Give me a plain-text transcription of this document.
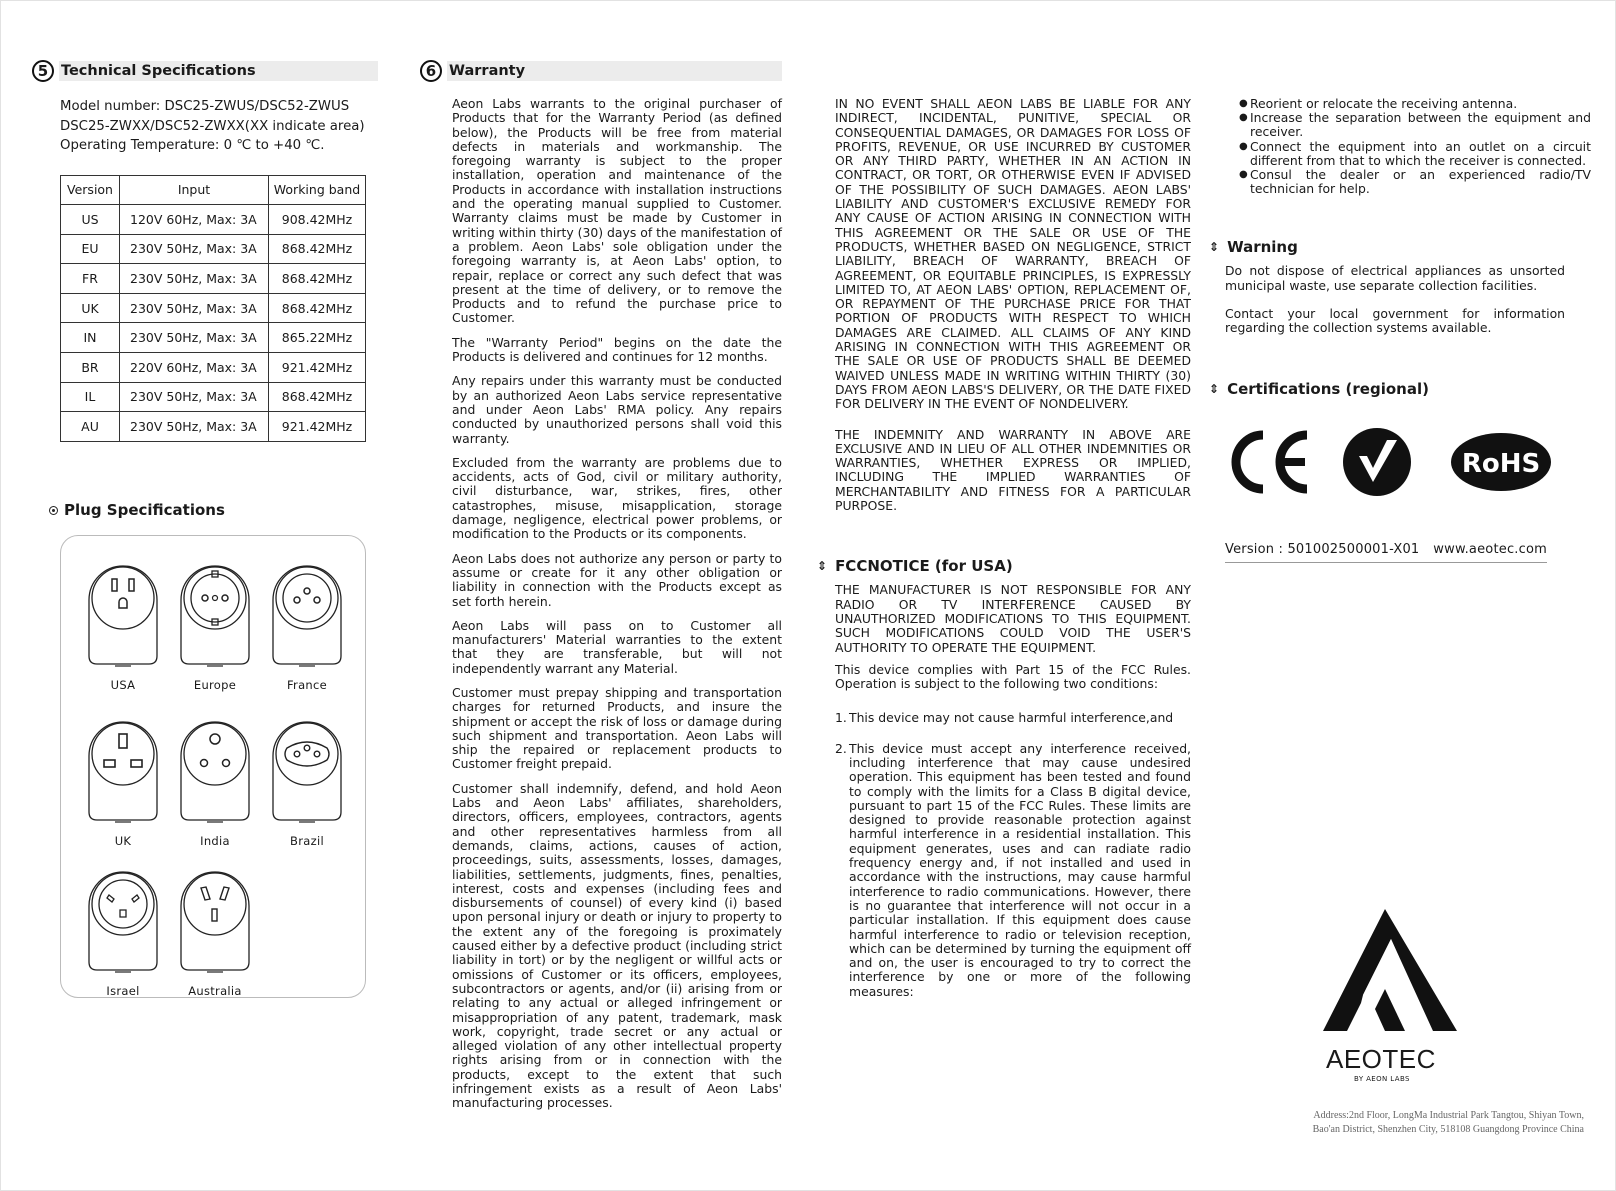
5 Technical Specifications
Model number: DSC25-ZWUS/DSC52-ZWUS
DSC25-ZWXX/DSC52-ZWXX(XX indicate area)
Operating Temperature: 0 ℃ to +40 ℃.
Version	Input	Working band
US	120V 60Hz, Max: 3A	908.42MHz
EU	230V 50Hz, Max: 3A	868.42MHz
FR	230V 50Hz, Max: 3A	868.42MHz
UK	230V 50Hz, Max: 3A	868.42MHz
IN	230V 50Hz, Max: 3A	865.22MHz
BR	220V 60Hz, Max: 3A	921.42MHz
IL	230V 50Hz, Max: 3A	868.42MHz
AU	230V 50Hz, Max: 3A	921.42MHz
Plug Specifications
USA	Europe	France
UK	India	Brazil
Israel	Australia
6 Warranty

Aeon Labs warrants to the original purchaser of Products that for the Warranty Period (as defined below), the Products will be free from material defects in materials and workmanship. The foregoing warranty is subject to the proper installation, operation and maintenance of the Products in accordance with installation instructions and the operating manual supplied to Customer. Warranty claims must be made by Customer in writing within thirty (30) days of the manifestation of a problem. Aeon Labs' sole obligation under the foregoing warranty is, at Aeon Labs' option, to repair, replace or correct any such defect that was present at the time of delivery, or to remove the Products and to refund the purchase price to Customer.

The "Warranty Period" begins on the date the Products is delivered and continues for 12 months.

Any repairs under this warranty must be conducted by an authorized Aeon Labs service representative and under Aeon Labs' RMA policy. Any repairs conducted by unauthorized persons shall void this warranty.

Excluded from the warranty are problems due to accidents, acts of God, civil or military authority, civil disturbance, war, strikes, fires, other catastrophes, misuse, misapplication, storage damage, negligence, electrical power problems, or modification to the Products or its components.

Aeon Labs does not authorize any person or party to assume or create for it any other obligation or liability in connection with the Products except as set forth herein.

Aeon Labs will pass on to Customer all manufacturers' Material warranties to the extent that they are transferable, but will not independently warrant any Material.

Customer must prepay shipping and transportation charges for returned Products, and insure the shipment or accept the risk of loss or damage during such shipment and transportation. Aeon Labs will ship the repaired or replacement products to Customer freight prepaid.

Customer shall indemnify, defend, and hold Aeon Labs and Aeon Labs' affiliates, shareholders, directors, officers, employees, contractors, agents and other representatives harmless from all demands, claims, actions, causes of action, proceedings, suits, assessments, losses, damages, liabilities, settlements, judgments, fines, penalties, interest, costs and expenses (including fees and disbursements of counsel) of every kind (i) based upon personal injury or death or injury to property to the extent any of the foregoing is proximately caused either by a defective product (including strict liability in tort) or by the negligent or willful acts or omissions of Customer or its officers, employees, subcontractors or agents, and/or (ii) arising from or relating to any actual or alleged infringement or misappropriation of any patent, trademark, mask work, copyright, trade secret or any actual or alleged violation of any other intellectual property rights arising from or in connection with the products, except to the extent that such infringement exists as a result of Aeon Labs' manufacturing processes.

IN NO EVENT SHALL AEON LABS BE LIABLE FOR ANY INDIRECT, INCIDENTAL, PUNITIVE, SPECIAL OR CONSEQUENTIAL DAMAGES, OR DAMAGES FOR LOSS OF PROFITS, REVENUE, OR USE INCURRED BY CUSTOMER OR ANY THIRD PARTY, WHETHER IN AN ACTION IN CONTRACT, OR TORT, OR OTHERWISE EVEN IF ADVISED OF THE POSSIBILITY OF SUCH DAMAGES. AEON LABS' LIABILITY AND CUSTOMER'S EXCLUSIVE REMEDY FOR ANY CAUSE OF ACTION ARISING IN CONNECTION WITH THIS AGREEMENT OR THE SALE OR USE OF THE PRODUCTS, WHETHER BASED ON NEGLIGENCE, STRICT LIABILITY, BREACH OF WARRANTY, BREACH OF AGREEMENT, OR EQUITABLE PRINCIPLES, IS EXPRESSLY LIMITED TO, AT AEON LABS' OPTION, REPLACEMENT OF, OR REPAYMENT OF THE PURCHASE PRICE FOR THAT PORTION OF PRODUCTS WITH RESPECT TO WHICH DAMAGES ARE CLAIMED. ALL CLAIMS OF ANY KIND ARISING IN CONNECTION WITH THIS AGREEMENT OR THE SALE OR USE OF PRODUCTS SHALL BE DEEMED WAIVED UNLESS MADE IN WRITING WITHIN THIRTY (30) DAYS FROM AEON LABS'S DELIVERY, OR THE DATE FIXED FOR DELIVERY IN THE EVENT OF NONDELIVERY.

THE INDEMNITY AND WARRANTY IN ABOVE ARE EXCLUSIVE AND IN LIEU OF ALL OTHER INDEMNITIES OR WARRANTIES, WHETHER EXPRESS OR IMPLIED, INCLUDING THE IMPLIED WARRANTIES OF MERCHANTABILITY AND FITNESS FOR A PARTICULAR PURPOSE.

⇕ FCCNOTICE (for USA)

THE MANUFACTURER IS NOT RESPONSIBLE FOR ANY RADIO OR TV INTERFERENCE CAUSED BY UNAUTHORIZED MODIFICATIONS TO THIS EQUIPMENT. SUCH MODIFICATIONS COULD VOID THE USER'S AUTHORITY TO OPERATE THE EQUIPMENT.

This device complies with Part 15 of the FCC Rules. Operation is subject to the following two conditions:

1. This device may not cause harmful interference,and
2. This device must accept any interference received, including interference that may cause undesired operation. This equipment has been tested and found to comply with the limits for a Class B digital device, pursuant to part 15 of the FCC Rules. These limits are designed to provide reasonable protection against harmful interference in a residential installation. This equipment generates, uses and can radiate radio frequency energy and, if not installed and used in accordance with the instructions, may cause harmful interference to radio communications. However, there is no guarantee that interference will not occur in a particular installation. If this equipment does cause harmful interference to radio or television reception, which can be determined by turning the equipment off and on, the user is encouraged to try to correct the interference by one or more of the following measures:
● Reorient or relocate the receiving antenna.
● Increase the separation between the equipment and receiver.
● Connect the equipment into an outlet on a circuit different from that to which the receiver is connected.
● Consul the dealer or an experienced radio/TV technician for help.
⇕ Warning

Do not dispose of electrical appliances as unsorted municipal waste, use separate collection facilities.

Contact your local government for information regarding the collection systems available.

⇕ Certifications (regional)
RoHS
Version : 501002500001-X01 www.aeotec.com
AEOTEC
BY AEON LABS
Address:2nd Floor, LongMa Industrial Park Tangtou, Shiyan Town,
Bao'an District, Shenzhen City, 518108 Guangdong Province China
